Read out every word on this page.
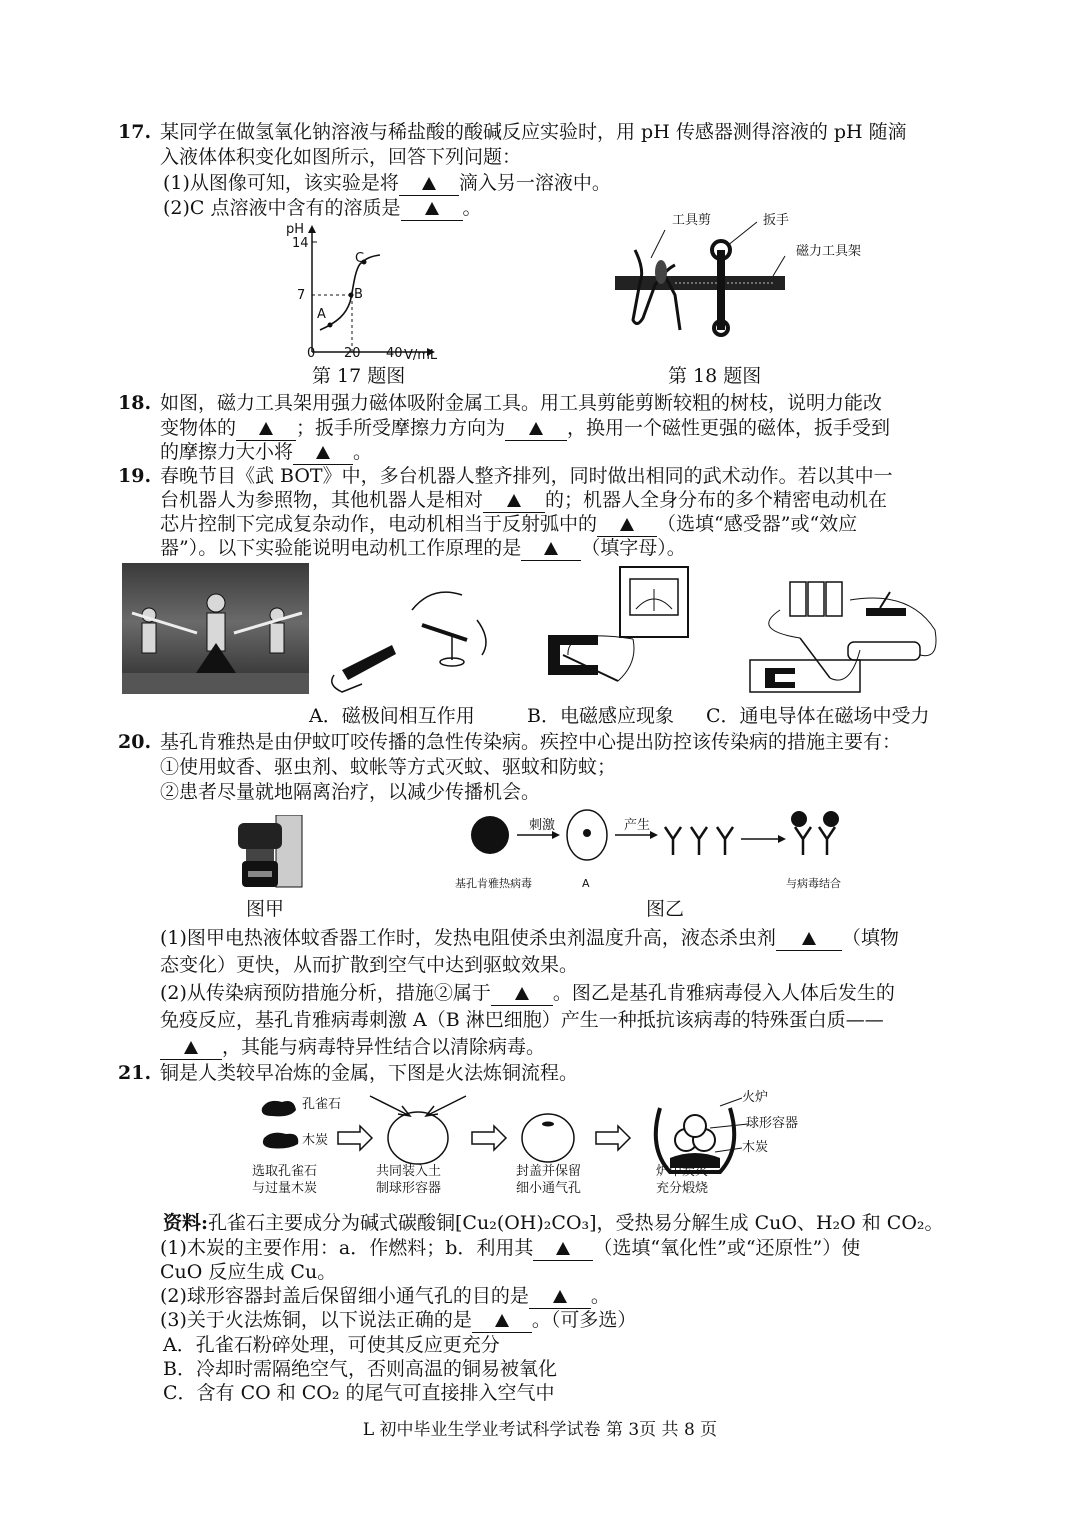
17. 某同学在做氢氧化钠溶液与稀盐酸的酸碱反应实验时，用 pH 传感器测得溶液的 pH 随滴
入液体体积变化如图所示，回答下列问题：
(1)从图像可知，该实验是将	滴入另一溶液中。
(2)C 点溶液中含有的溶质是	。
pH
14
7
0 20 40 V/mL
A
B
C
第 17 题图
工具剪	扳手
磁力工具架
第 18 题图
18. 如图，磁力工具架用强力磁体吸附金属工具。用工具剪能剪断较粗的树枝，说明力能改
变物体的	；扳手所受摩擦力方向为	，换用一个磁性更强的磁体，扳手受到
的摩擦力大小将	。
19. 春晚节目《武 BOT》中，多台机器人整齐排列，同时做出相同的武术动作。若以其中一
台机器人为参照物，其他机器人是相对	的；机器人全身分布的多个精密电动机在
芯片控制下完成复杂动作，电动机相当于反射弧中的	（选填“感受器”或“效应
器”）。以下实验能说明电动机工作原理的是	（填字母）。
A．磁极间相互作用	B．电磁感应现象 C．通电导体在磁场中受力
20. 基孔肯雅热是由伊蚊叮咬传播的急性传染病。疾控中心提出防控该传染病的措施主要有：
①使用蚊香、驱虫剂、蚊帐等方式灭蚊、驱蚊和防蚊；
②患者尽量就地隔离治疗，以减少传播机会。
图甲
刺激	产生
基孔肯雅热病毒	A	与病毒结合
图乙
(1)图甲电热液体蚊香器工作时，发热电阻使杀虫剂温度升高，液态杀虫剂	（填物
态变化）更快，从而扩散到空气中达到驱蚊效果。
(2)从传染病预防措施分析，措施②属于	。图乙是基孔肯雅病毒侵入人体后发生的
免疫反应，基孔肯雅病毒刺激 A（B 淋巴细胞）产生一种抵抗该病毒的特殊蛋白质——
，其能与病毒特异性结合以清除病毒。
21. 铜是人类较早冶炼的金属，下图是火法炼铜流程。
孔雀石
木炭
选取孔雀石
与过量木炭
共同装入土
制球形容器
封盖并保留
细小通气孔
火炉
球形容器
木炭
炉中炭火
充分煅烧
资料:孔雀石主要成分为碱式碳酸铜[Cu₂(OH)₂CO₃]，受热易分解生成 CuO、H₂O 和 CO₂。
(1)木炭的主要作用：a．作燃料；b．利用其	（选填“氧化性”或“还原性”）使
CuO 反应生成 Cu。
(2)球形容器封盖后保留细小通气孔的目的是	。
(3)关于火法炼铜，以下说法正确的是	。（可多选）
A．孔雀石粉碎处理，可使其反应更充分
B．冷却时需隔绝空气，否则高温的铜易被氧化
C．含有 CO 和 CO₂ 的尾气可直接排入空气中
L 初中毕业生学业考试科学试卷 第 3页 共 8 页
